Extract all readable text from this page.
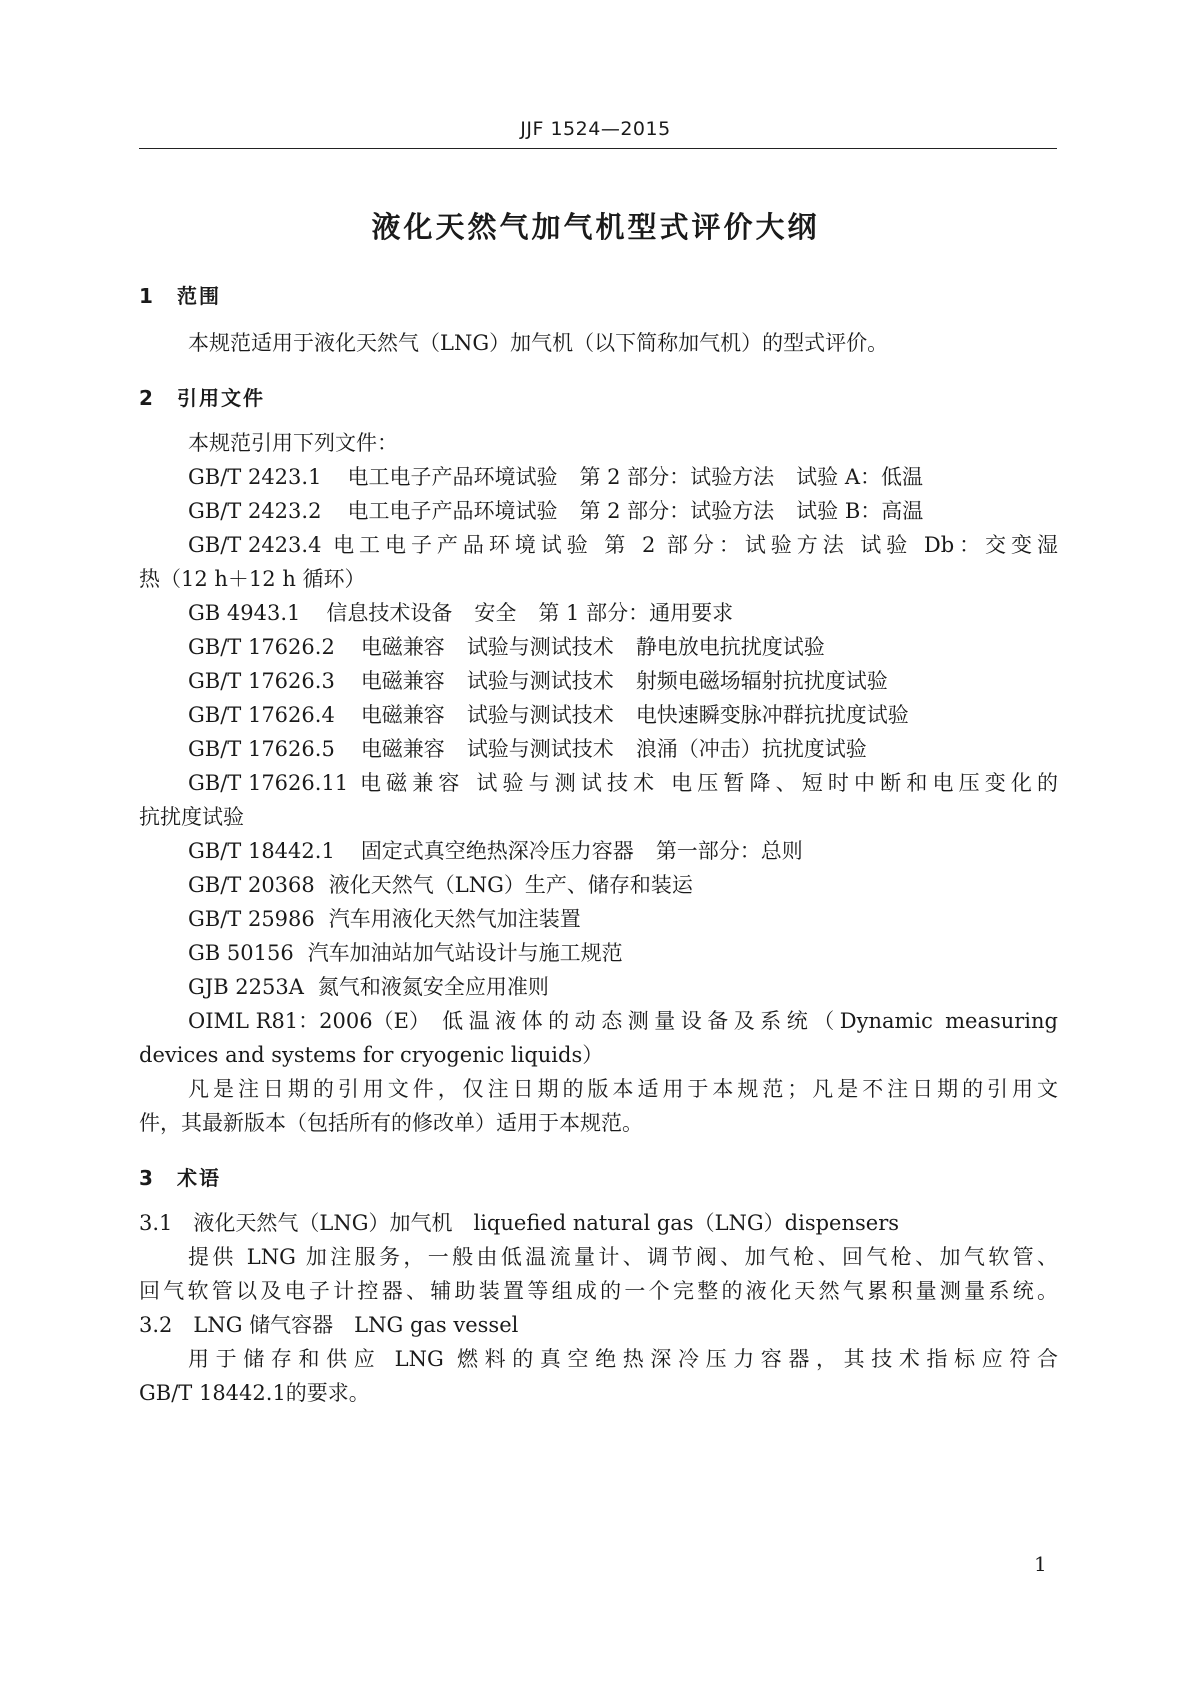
JJF 1524—2015
液化天然气加气机型式评价大纲
1 范围
本规范适用于液化天然气（LNG）加气机（以下简称加气机）的型式评价。
2 引用文件
本规范引用下列文件：
GB/T 2423.1 电工电子产品环境试验 第 2 部分：试验方法 试验 A：低温
GB/T 2423.2 电工电子产品环境试验 第 2 部分：试验方法 试验 B：高温
GB/T 2423.4 电工电子产品环境试验 第 2 部分：试验方法 试验 Db：交变湿
热（12 h＋12 h 循环）
GB 4943.1 信息技术设备 安全 第 1 部分：通用要求
GB/T 17626.2 电磁兼容 试验与测试技术 静电放电抗扰度试验
GB/T 17626.3 电磁兼容 试验与测试技术 射频电磁场辐射抗扰度试验
GB/T 17626.4 电磁兼容 试验与测试技术 电快速瞬变脉冲群抗扰度试验
GB/T 17626.5 电磁兼容 试验与测试技术 浪涌（冲击）抗扰度试验
GB/T 17626.11 电磁兼容 试验与测试技术 电压暂降、短时中断和电压变化的
抗扰度试验
GB/T 18442.1 固定式真空绝热深冷压力容器 第一部分：总则
GB/T 20368 液化天然气（LNG）生产、储存和装运
GB/T 25986 汽车用液化天然气加注装置
GB 50156 汽车加油站加气站设计与施工规范
GJB 2253A 氮气和液氮安全应用准则
OIML R81：2006（E） 低温液体的动态测量设备及系统（Dynamic measuring
devices and systems for cryogenic liquids）
凡是注日期的引用文件，仅注日期的版本适用于本规范；凡是不注日期的引用文
件，其最新版本（包括所有的修改单）适用于本规范。
3 术语
3.1　液化天然气（LNG）加气机　liquefied natural gas（LNG）dispensers
提供 LNG 加注服务，一般由低温流量计、调节阀、加气枪、回气枪、加气软管、
回气软管以及电子计控器、辅助装置等组成的一个完整的液化天然气累积量测量系统。
3.2　LNG 储气容器　LNG gas vessel
用于储存和供应 LNG 燃料的真空绝热深冷压力容器，其技术指标应符合
GB/T 18442.1的要求。
1
